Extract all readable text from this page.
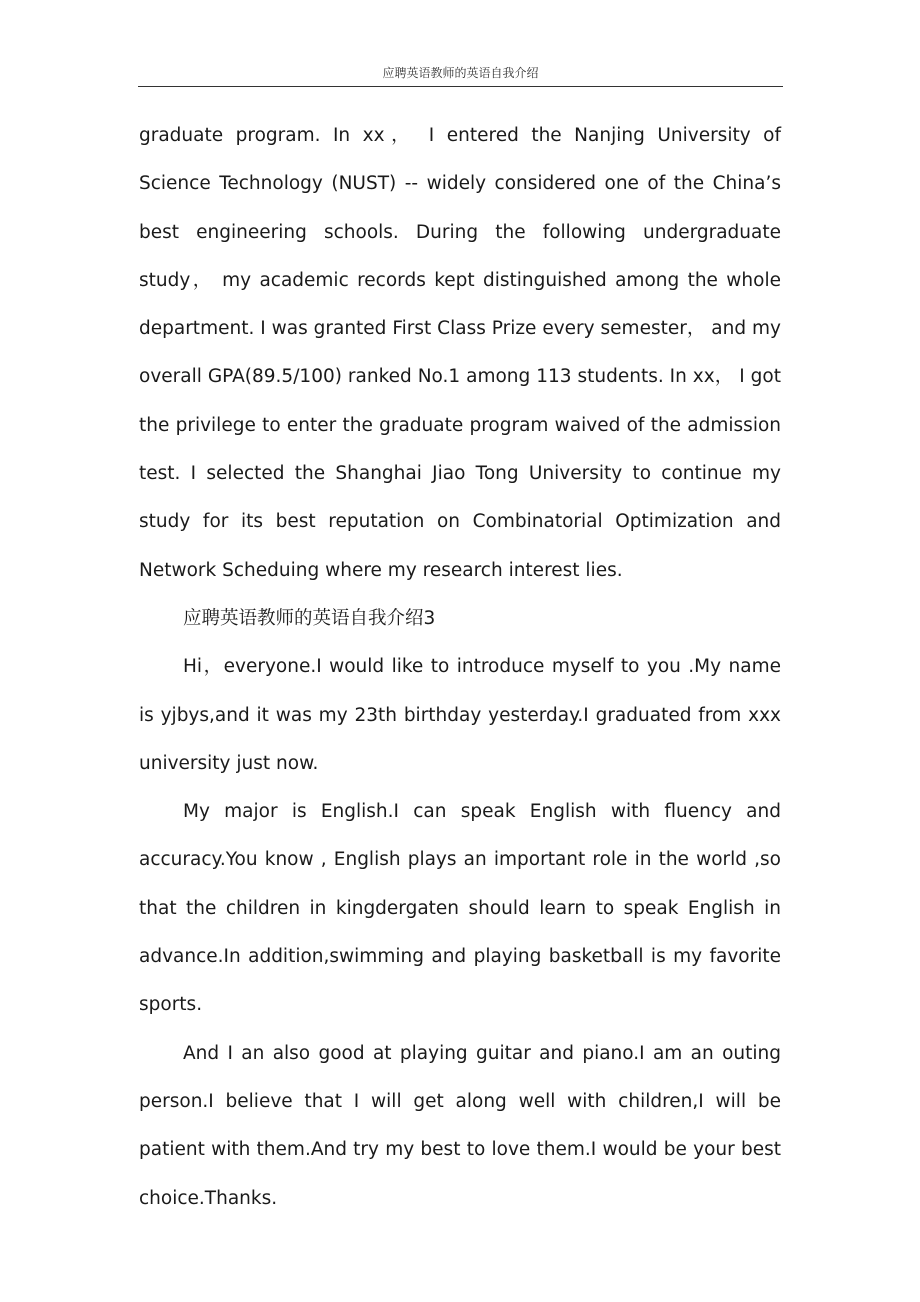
应聘英语教师的英语自我介绍

graduate program. In xx， I entered the Nanjing University of Science Technology (NUST) -- widely considered one of the China’s best engineering schools. During the following undergraduate study， my academic records kept distinguished among the whole department. I was granted First Class Prize every semester， and my overall GPA(89.5/100) ranked No.1 among 113 students. In xx， I got the privilege to enter the graduate program waived of the admission test. I selected the Shanghai Jiao Tong University to continue my study for its best reputation on Combinatorial Optimization and Network Scheduing where my research interest lies.

应聘英语教师的英语自我介绍3

Hi，everyone.I would like to introduce myself to you .My name is yjbys,and it was my 23th birthday yesterday.I graduated from xxx university just now.

My major is English.I can speak English with fluency and accuracy.You know , English plays an important role in the world ,so that the children in kingdergaten should learn to speak English in advance.In addition,swimming and playing basketball is my favorite sports.

And I an also good at playing guitar and piano.I am an outing person.I believe that I will get along well with children,I will be patient with them.And try my best to love them.I would be your best choice.Thanks.
